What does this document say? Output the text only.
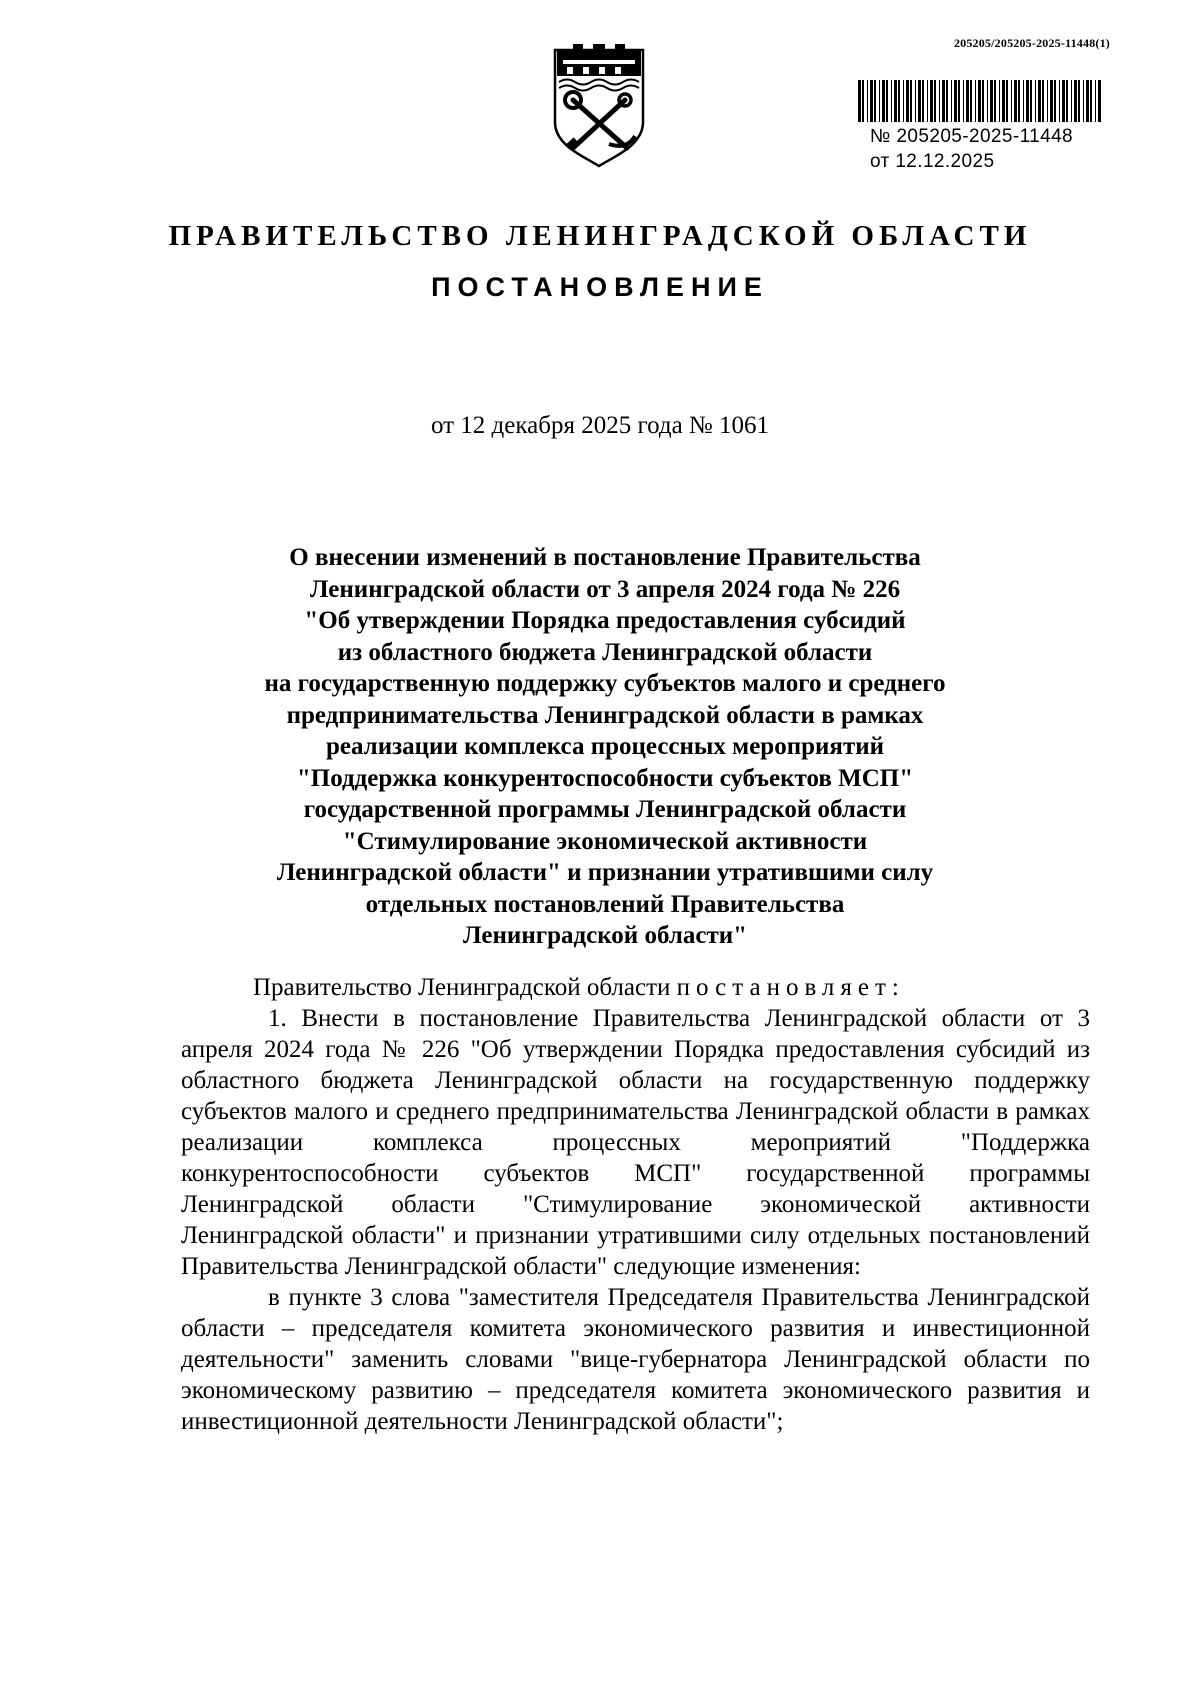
205205/205205-2025-11448(1)
№ 205205-2025-11448
от 12.12.2025
ПРАВИТЕЛЬСТВО ЛЕНИНГРАДСКОЙ ОБЛАСТИ
ПОСТАНОВЛЕНИЕ
от 12 декабря 2025 года № 1061
О внесении изменений в постановление Правительства
Ленинградской области от 3 апреля 2024 года № 226
"Об утверждении Порядка предоставления субсидий
из областного бюджета Ленинградской области
на государственную поддержку субъектов малого и среднего
предпринимательства Ленинградской области в рамках
реализации комплекса процессных мероприятий
"Поддержка конкурентоспособности субъектов МСП"
государственной программы Ленинградской области
"Стимулирование экономической активности
Ленинградской области" и признании утратившими силу
отдельных постановлений Правительства
Ленинградской области"

Правительство Ленинградской области постановляет:

1. Внести в постановление Правительства Ленинградской области от 3 апреля 2024 года № 226 "Об утверждении Порядка предоставления субсидий из областного бюджета Ленинградской области на государственную поддержку субъектов малого и среднего предпринимательства Ленинградской области в рамках реализации комплекса процессных мероприятий "Поддержка конкурентоспособности субъектов МСП" государственной программы Ленинградской области "Стимулирование экономической активности Ленинградской области" и признании утратившими силу отдельных постановлений Правительства Ленинградской области" следующие изменения:

в пункте 3 слова "заместителя Председателя Правительства Ленинградской области – председателя комитета экономического развития и инвестиционной деятельности" заменить словами "вице-губернатора Ленинградской области по экономическому развитию – председателя комитета экономического развития и инвестиционной деятельности Ленинградской области";
